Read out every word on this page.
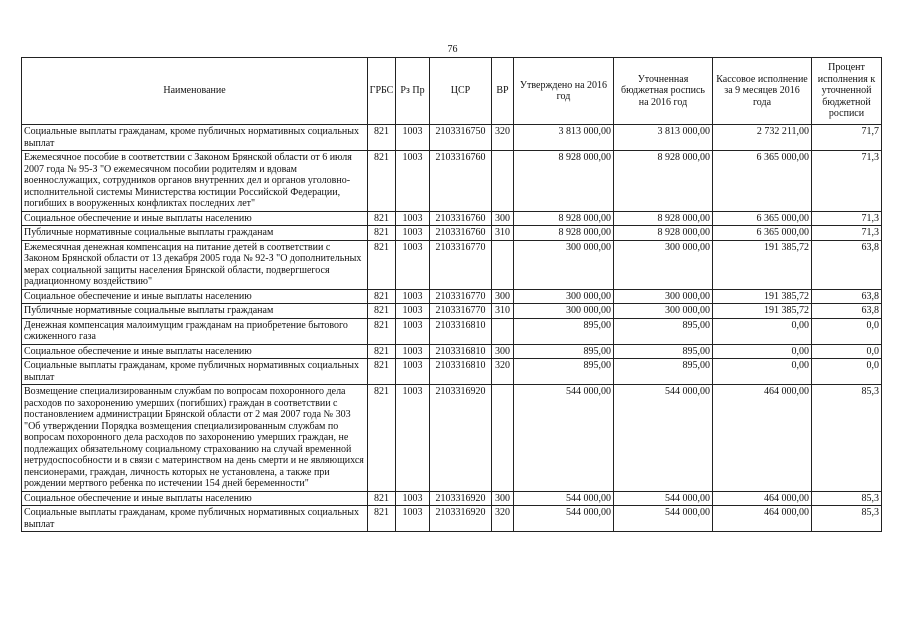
76
Наименование	ГРБС	Рз Пр	ЦСР	ВР	Утверждено на 2016 год	Уточненная бюджетная роспись на 2016 год	Кассовое исполнение за 9 месяцев 2016 года	Процент исполнения к уточненной бюджетной росписи
Социальные выплаты гражданам, кроме публичных нормативных социальных выплат	821	1003	2103316750	320	3 813 000,00	3 813 000,00	2 732 211,00	71,7
Ежемесячное пособие в соответствии с Законом Брянской области от 6 июля 2007 года № 95-З "О ежемесячном пособии родителям и вдовам военнослужащих, сотрудников органов внутренних дел и органов уголовно-исполнительной системы Министерства юстиции Российской Федерации, погибших в вооруженных конфликтах последних лет"	821	1003	2103316760		8 928 000,00	8 928 000,00	6 365 000,00	71,3
Социальное обеспечение и иные выплаты населению	821	1003	2103316760	300	8 928 000,00	8 928 000,00	6 365 000,00	71,3
Публичные нормативные социальные выплаты гражданам	821	1003	2103316760	310	8 928 000,00	8 928 000,00	6 365 000,00	71,3
Ежемесячная денежная компенсация на питание детей в соответствии с Законом Брянской области от 13 декабря 2005 года № 92-З "О дополнительных мерах социальной защиты населения Брянской области, подвергшегося радиационному воздействию"	821	1003	2103316770		300 000,00	300 000,00	191 385,72	63,8
Социальное обеспечение и иные выплаты населению	821	1003	2103316770	300	300 000,00	300 000,00	191 385,72	63,8
Публичные нормативные социальные выплаты гражданам	821	1003	2103316770	310	300 000,00	300 000,00	191 385,72	63,8
Денежная компенсация малоимущим гражданам на приобретение бытового сжиженного газа	821	1003	2103316810		895,00	895,00	0,00	0,0
Социальное обеспечение и иные выплаты населению	821	1003	2103316810	300	895,00	895,00	0,00	0,0
Социальные выплаты гражданам, кроме публичных нормативных социальных выплат	821	1003	2103316810	320	895,00	895,00	0,00	0,0
Возмещение специализированным службам по вопросам похоронного дела расходов по захоронению умерших (погибших) граждан в соответствии с постановлением администрации Брянской области от 2 мая 2007 года № 303 "Об утверждении Порядка возмещения специализированным службам по вопросам похоронного дела расходов по захоронению умерших граждан, не подлежащих обязательному социальному страхованию на случай временной нетрудоспособности и в связи с материнством на день смерти и не являющихся пенсионерами, граждан, личность которых не установлена, а также при рождении мертвого ребенка по истечении 154 дней беременности"	821	1003	2103316920		544 000,00	544 000,00	464 000,00	85,3
Социальное обеспечение и иные выплаты населению	821	1003	2103316920	300	544 000,00	544 000,00	464 000,00	85,3
Социальные выплаты гражданам, кроме публичных нормативных социальных выплат	821	1003	2103316920	320	544 000,00	544 000,00	464 000,00	85,3
